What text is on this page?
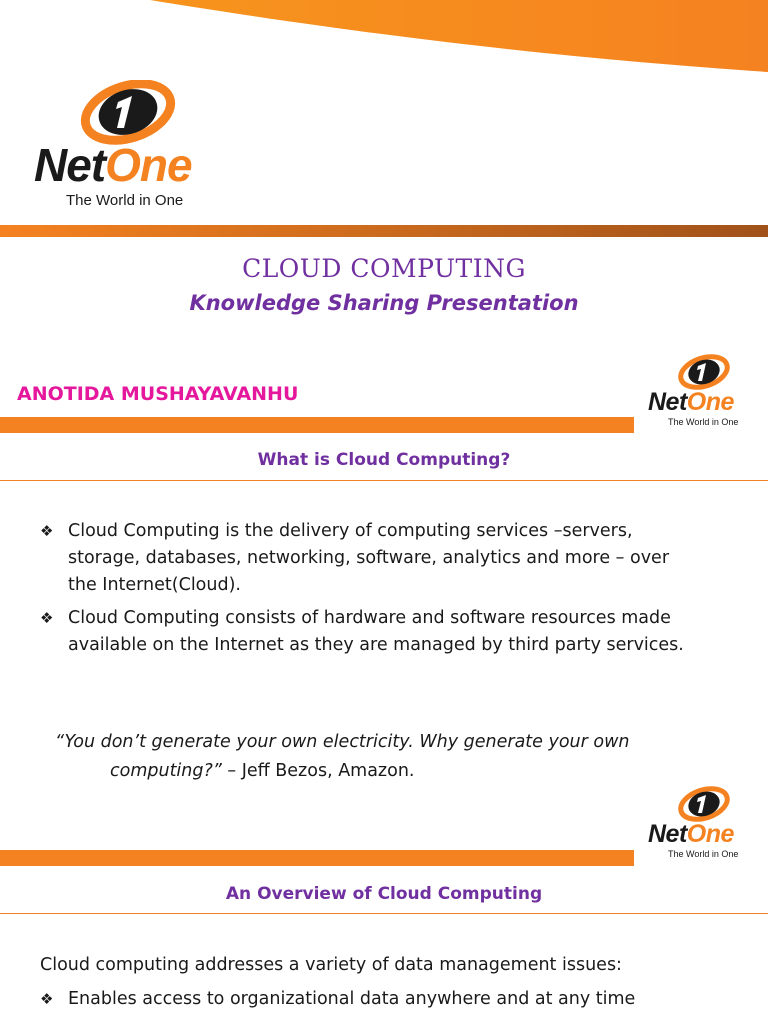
NetOne
The World in One
CLOUD COMPUTING
Knowledge Sharing Presentation
ANOTIDA MUSHAYAVANHU	NetOne
The World in One
What is Cloud Computing?
❖ Cloud Computing is the delivery of computing services –servers, storage, databases, networking, software, analytics and more – over the Internet(Cloud).
❖ Cloud Computing consists of hardware and software resources made available on the Internet as they are managed by third party services.
“You don’t generate your own electricity. Why generate your own
computing?” – Jeff Bezos, Amazon.
NetOne
The World in One
An Overview of Cloud Computing
Cloud computing addresses a variety of data management issues:
❖ Enables access to organizational data anywhere and at any time
